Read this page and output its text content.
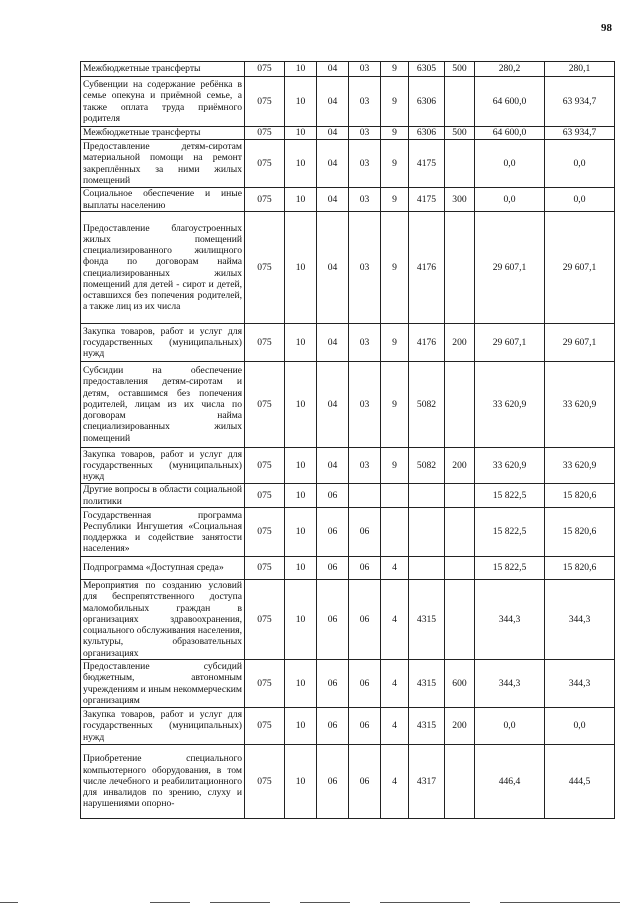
98
Межбюджетные трансферты	075	10	04	03	9	6305	500	280,2	280,1
Субвенции на содержание ребёнка в семье опекуна и приёмной семье, а также оплата труда приёмного родителя	075	10	04	03	9	6306		64 600,0	63 934,7
Межбюджетные трансферты	075	10	04	03	9	6306	500	64 600,0	63 934,7
Предоставление детям-сиротам материальной помощи на ремонт закреплённых за ними жилых помещений	075	10	04	03	9	4175		0,0	0,0
Социальное обеспечение и иные выплаты населению	075	10	04	03	9	4175	300	0,0	0,0
Предоставление благоустроенных жилых помещений специализированного жилищного фонда по договорам найма специализированных жилых помещений для детей - сирот и детей, оставшихся без попечения родителей, а также лиц из их числа	075	10	04	03	9	4176		29 607,1	29 607,1
Закупка товаров, работ и услуг для государственных (муниципальных) нужд	075	10	04	03	9	4176	200	29 607,1	29 607,1
Субсидии на обеспечение предоставления детям-сиротам и детям, оставшимся без попечения родителей, лицам из их числа по договорам найма специализированных жилых помещений	075	10	04	03	9	5082		33 620,9	33 620,9
Закупка товаров, работ и услуг для государственных (муниципальных) нужд	075	10	04	03	9	5082	200	33 620,9	33 620,9
Другие вопросы в области социальной политики	075	10	06					15 822,5	15 820,6
Государственная программа Республики Ингушетия «Социальная поддержка и содействие занятости населения»	075	10	06	06				15 822,5	15 820,6
Подпрограмма «Доступная среда»	075	10	06	06	4			15 822,5	15 820,6
Мероприятия по созданию условий для беспрепятственного доступа маломобильных граждан в организациях здравоохранения, социального обслуживания населения, культуры, образовательных организациях	075	10	06	06	4	4315		344,3	344,3
Предоставление субсидий бюджетным, автономным учреждениям и иным некоммерческим организациям	075	10	06	06	4	4315	600	344,3	344,3
Закупка товаров, работ и услуг для государственных (муниципальных) нужд	075	10	06	06	4	4315	200	0,0	0,0
Приобретение специального компьютерного оборудования, в том числе лечебного и реабилитационного для инвалидов по зрению, слуху и нарушениями опорно-	075	10	06	06	4	4317		446,4	444,5
